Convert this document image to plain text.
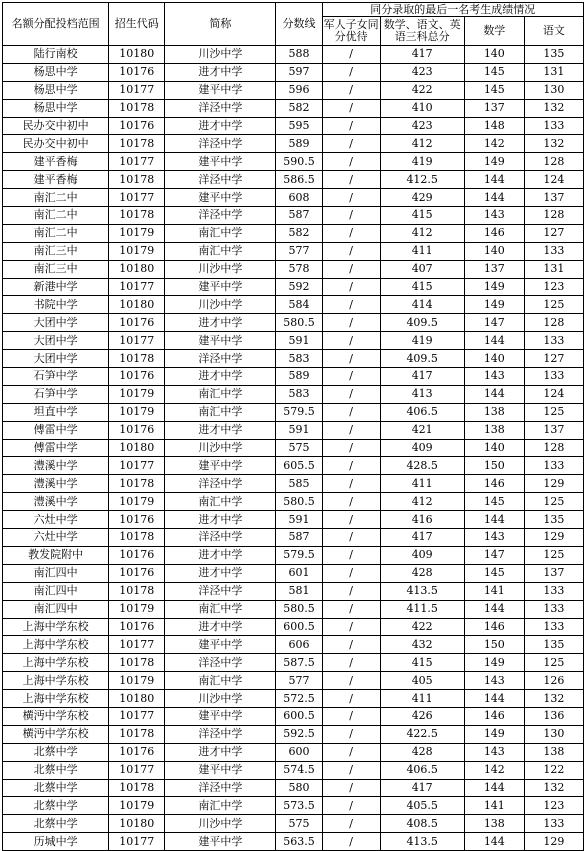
名额分配投档范围	招生代码	简称	分数线	同分录取的最后一名考生成绩情况			
				军人子女同分优待	数学、语文、英语三科总分	数学	语文
陆行南校	10180	川沙中学	588	/	417	140	135
杨思中学	10176	进才中学	597	/	423	145	131
杨思中学	10177	建平中学	596	/	422	145	130
杨思中学	10178	洋泾中学	582	/	410	137	132
民办交中初中	10176	进才中学	595	/	423	148	133
民办交中初中	10178	洋泾中学	589	/	412	142	132
建平香梅	10177	建平中学	590.5	/	419	149	128
建平香梅	10178	洋泾中学	586.5	/	412.5	144	124
南汇二中	10177	建平中学	608	/	429	144	137
南汇二中	10178	洋泾中学	587	/	415	143	128
南汇二中	10179	南汇中学	582	/	412	146	127
南汇三中	10179	南汇中学	577	/	411	140	133
南汇三中	10180	川沙中学	578	/	407	137	131
新港中学	10177	建平中学	592	/	415	149	123
书院中学	10180	川沙中学	584	/	414	149	125
大团中学	10176	进才中学	580.5	/	409.5	147	128
大团中学	10177	建平中学	591	/	419	144	133
大团中学	10178	洋泾中学	583	/	409.5	140	127
石笋中学	10176	进才中学	589	/	417	143	133
石笋中学	10179	南汇中学	583	/	413	144	124
坦直中学	10179	南汇中学	579.5	/	406.5	138	125
傅雷中学	10176	进才中学	591	/	421	138	137
傅雷中学	10180	川沙中学	575	/	409	140	128
澧溪中学	10177	建平中学	605.5	/	428.5	150	133
澧溪中学	10178	洋泾中学	585	/	411	146	129
澧溪中学	10179	南汇中学	580.5	/	412	145	125
六灶中学	10176	进才中学	591	/	416	144	135
六灶中学	10178	洋泾中学	587	/	417	143	129
教发院附中	10176	进才中学	579.5	/	409	147	125
南汇四中	10176	进才中学	601	/	428	145	137
南汇四中	10178	洋泾中学	581	/	413.5	141	133
南汇四中	10179	南汇中学	580.5	/	411.5	144	133
上海中学东校	10176	进才中学	600.5	/	422	146	133
上海中学东校	10177	建平中学	606	/	432	150	135
上海中学东校	10178	洋泾中学	587.5	/	415	149	125
上海中学东校	10179	南汇中学	577	/	405	143	126
上海中学东校	10180	川沙中学	572.5	/	411	144	132
横沔中学东校	10177	建平中学	600.5	/	426	146	136
横沔中学东校	10178	洋泾中学	592.5	/	422.5	149	130
北蔡中学	10176	进才中学	600	/	428	143	138
北蔡中学	10177	建平中学	574.5	/	406.5	142	122
北蔡中学	10178	洋泾中学	580	/	417	144	132
北蔡中学	10179	南汇中学	573.5	/	405.5	141	123
北蔡中学	10180	川沙中学	575	/	408.5	138	133
历城中学	10177	建平中学	563.5	/	413.5	144	129
